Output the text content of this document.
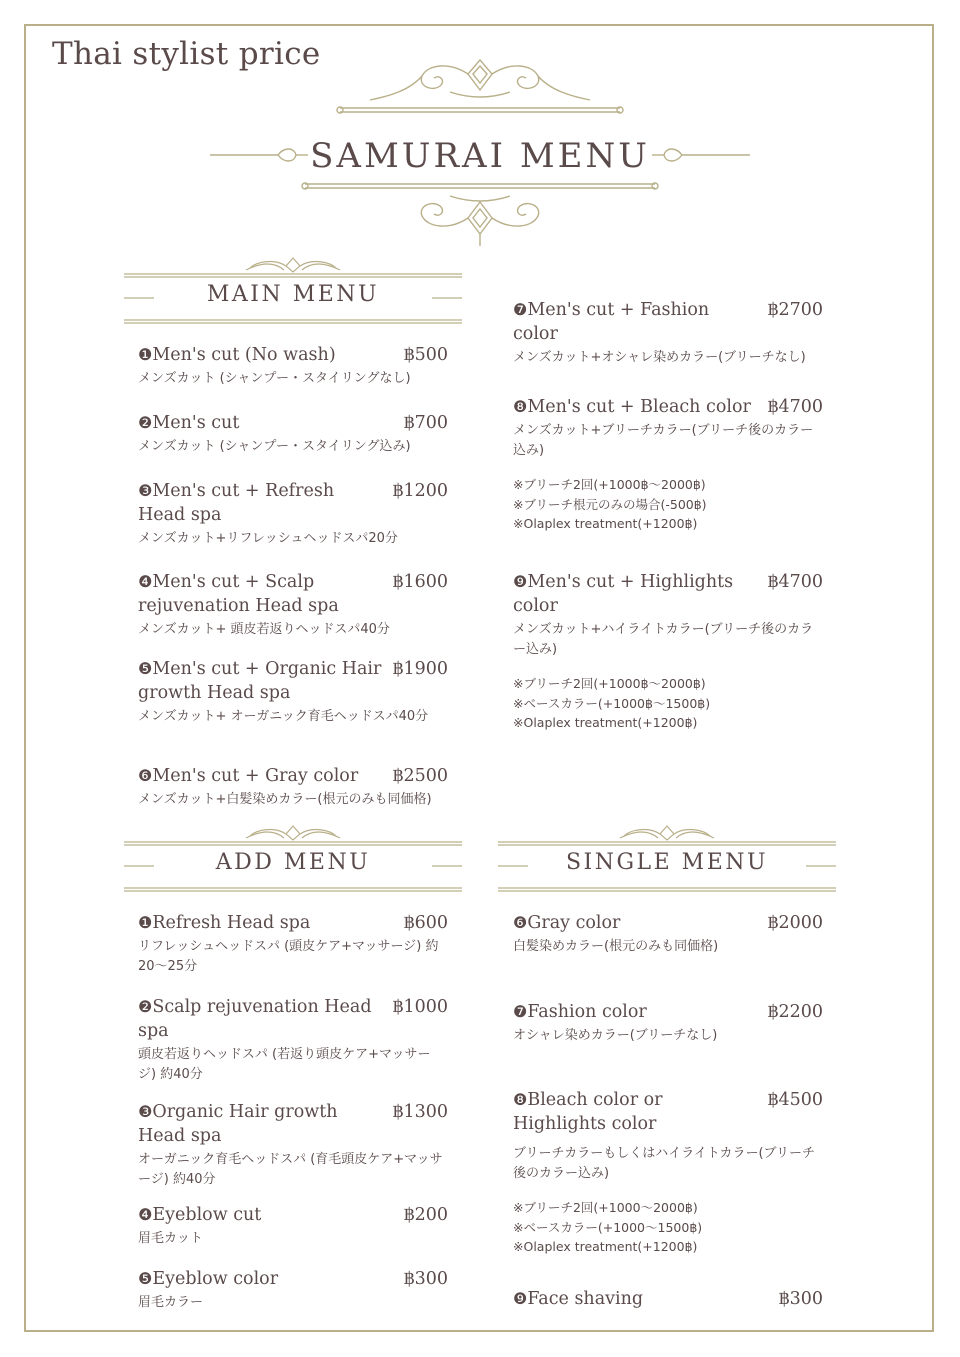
Thai stylist price
SAMURAI MENU
MAIN MENU
ADD MENU	SINGLE MENU
❶Men's cut (No wash)	฿500
メンズカット (シャンプー・スタイリングなし)
❷Men's cut	฿700
メンズカット (シャンプー・スタイリング込み)
❸Men's cut + Refresh Head spa
฿1200
メンズカット+リフレッシュヘッドスパ20分
❹Men's cut + Scalp rejuvenation Head spa
฿1600
メンズカット+ 頭皮若返りヘッドスパ40分
❺Men's cut + Organic Hair growth Head spa
฿1900
メンズカット+ オーガニック育毛ヘッドスパ40分
❻Men's cut + Gray color	฿2500
メンズカット+白髪染めカラー(根元のみも同価格)
❼Men's cut + Fashion color
฿2700
メンズカット+オシャレ染めカラー(ブリーチなし)
❽Men's cut + Bleach color ฿4700
メンズカット+ブリーチカラー(ブリーチ後のカラー込み)
※ブリーチ2回(+1000฿〜2000฿)
※ブリーチ根元のみの場合(-500฿)
※Olaplex treatment(+1200฿)
❾Men's cut + Highlights color
฿4700
メンズカット+ハイライトカラー(ブリーチ後のカラー込み)
※ブリーチ2回(+1000฿〜2000฿)
※ベースカラー(+1000฿〜1500฿)
※Olaplex treatment(+1200฿)
❶Refresh Head spa	฿600
リフレッシュヘッドスパ (頭皮ケア+マッサージ) 約20〜25分
❷Scalp rejuvenation Head spa
฿1000
頭皮若返りヘッドスパ (若返り頭皮ケア+マッサージ) 約40分
❸Organic Hair growth Head spa
฿1300
オーガニック育毛ヘッドスパ (育毛頭皮ケア+マッサージ) 約40分
❹Eyeblow cut	฿200
眉毛カット
❺Eyeblow color	฿300
眉毛カラー
❻Gray color	฿2000
白髪染めカラー(根元のみも同価格)
❼Fashion color	฿2200
オシャレ染めカラー(ブリーチなし)
❽Bleach color or Highlights color
฿4500
ブリーチカラーもしくはハイライトカラー(ブリーチ後のカラー込み)
※ブリーチ2回(+1000〜2000฿)
※ベースカラー(+1000〜1500฿)
※Olaplex treatment(+1200฿)
❾Face shaving	฿300
